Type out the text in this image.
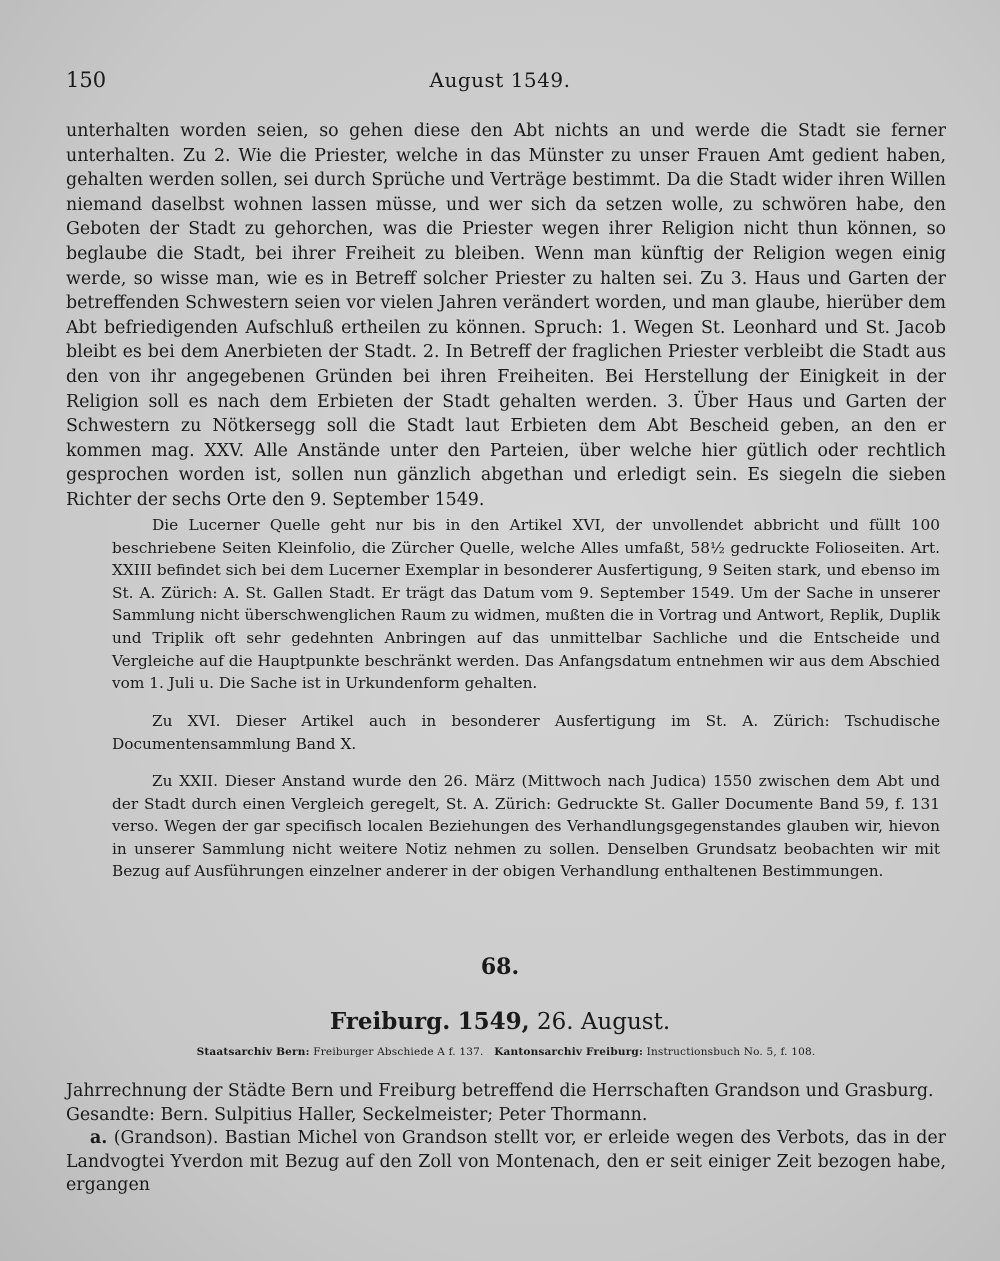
150	August 1549.

unterhalten worden seien, so gehen diese den Abt nichts an und werde die Stadt sie ferner unterhalten. Zu 2. Wie die Priester, welche in das Münster zu unser Frauen Amt gedient haben, gehalten werden sollen, sei durch Sprüche und Verträge bestimmt. Da die Stadt wider ihren Willen niemand daselbst wohnen lassen müsse, und wer sich da setzen wolle, zu schwören habe, den Geboten der Stadt zu gehorchen, was die Priester wegen ihrer Religion nicht thun können, so beglaube die Stadt, bei ihrer Freiheit zu bleiben. Wenn man künftig der Religion wegen einig werde, so wisse man, wie es in Betreff solcher Priester zu halten sei. Zu 3. Haus und Garten der betreffenden Schwestern seien vor vielen Jahren verändert worden, und man glaube, hierüber dem Abt befriedigenden Aufschluß ertheilen zu können. Spruch: 1. Wegen St. Leonhard und St. Jacob bleibt es bei dem Anerbieten der Stadt. 2. In Betreff der fraglichen Priester verbleibt die Stadt aus den von ihr angegebenen Gründen bei ihren Freiheiten. Bei Herstellung der Einigkeit in der Religion soll es nach dem Erbieten der Stadt gehalten werden. 3. Über Haus und Garten der Schwestern zu Nötkersegg soll die Stadt laut Erbieten dem Abt Bescheid geben, an den er kommen mag. XXV. Alle Anstände unter den Parteien, über welche hier gütlich oder rechtlich gesprochen worden ist, sollen nun gänzlich abgethan und erledigt sein. Es siegeln die sieben Richter der sechs Orte den 9. September 1549.

Die Lucerner Quelle geht nur bis in den Artikel XVI, der unvollendet abbricht und füllt 100 beschriebene Seiten Kleinfolio, die Zürcher Quelle, welche Alles umfaßt, 58½ gedruckte Folioseiten. Art. XXIII befindet sich bei dem Lucerner Exemplar in besonderer Ausfertigung, 9 Seiten stark, und ebenso im St. A. Zürich: A. St. Gallen Stadt. Er trägt das Datum vom 9. September 1549. Um der Sache in unserer Sammlung nicht überschwenglichen Raum zu widmen, mußten die in Vortrag und Antwort, Replik, Duplik und Triplik oft sehr gedehnten Anbringen auf das unmittelbar Sachliche und die Entscheide und Vergleiche auf die Hauptpunkte beschränkt werden. Das Anfangsdatum entnehmen wir aus dem Abschied vom 1. Juli u. Die Sache ist in Urkundenform gehalten.

Zu XVI. Dieser Artikel auch in besonderer Ausfertigung im St. A. Zürich: Tschudische Documentensammlung Band X.

Zu XXII. Dieser Anstand wurde den 26. März (Mittwoch nach Judica) 1550 zwischen dem Abt und der Stadt durch einen Vergleich geregelt, St. A. Zürich: Gedruckte St. Galler Documente Band 59, f. 131 verso. Wegen der gar specifisch localen Beziehungen des Verhandlungsgegenstandes glauben wir, hievon in unserer Sammlung nicht weitere Notiz nehmen zu sollen. Denselben Grundsatz beobachten wir mit Bezug auf Ausführungen einzelner anderer in der obigen Verhandlung enthaltenen Bestimmungen.

68.
Freiburg. 1549, 26. August.
Staatsarchiv Bern: Freiburger Abschiede A f. 137. Kantonsarchiv Freiburg: Instructionsbuch No. 5, f. 108.
Jahrrechnung der Städte Bern und Freiburg betreffend die Herrschaften Grandson und Grasburg.
Gesandte: Bern. Sulpitius Haller, Seckelmeister; Peter Thormann.
a. (Grandson). Bastian Michel von Grandson stellt vor, er erleide wegen des Verbots, das in der Landvogtei Yverdon mit Bezug auf den Zoll von Montenach, den er seit einiger Zeit bezogen habe, ergangen
